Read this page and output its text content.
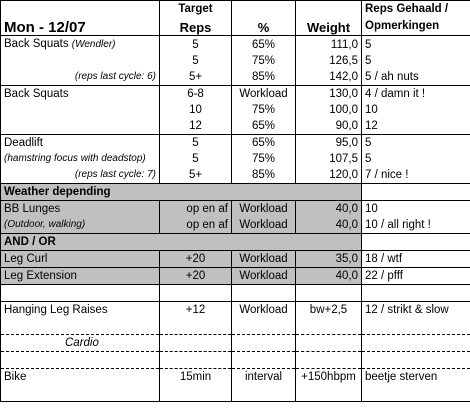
	Target			Reps Gehaald /
Mon - 12/07	Reps	%	Weight	Opmerkingen
Back Squats (Wendler)	5	65%	111,0	5
	5	75%	126,5	5
(reps last cycle: 6)	5+	85%	142,0	5 / ah nuts
Back Squats	6-8	Workload	130,0	4 / damn it !
	10	75%	100,0	10
	12	65%	90,0	12
Deadlift	5	65%	95,0	5
(hamstring focus with deadstop)	5	75%	107,5	5
(reps last cycle: 7)	5+	85%	120,0	7 / nice !
Weather depending				
BB Lunges	op en af	Workload	40,0	10
(Outdoor, walking)	op en af	Workload	40,0	10 / all right !
AND / OR				
Leg Curl	+20	Workload	35,0	18 / wtf
Leg Extension	+20	Workload	40,0	22 / pfff

Hanging Leg Raises	+12	Workload	bw+2,5	12 / strikt & slow

Cardio				

Bike	15min	interval	+150hbpm	beetje sterven
